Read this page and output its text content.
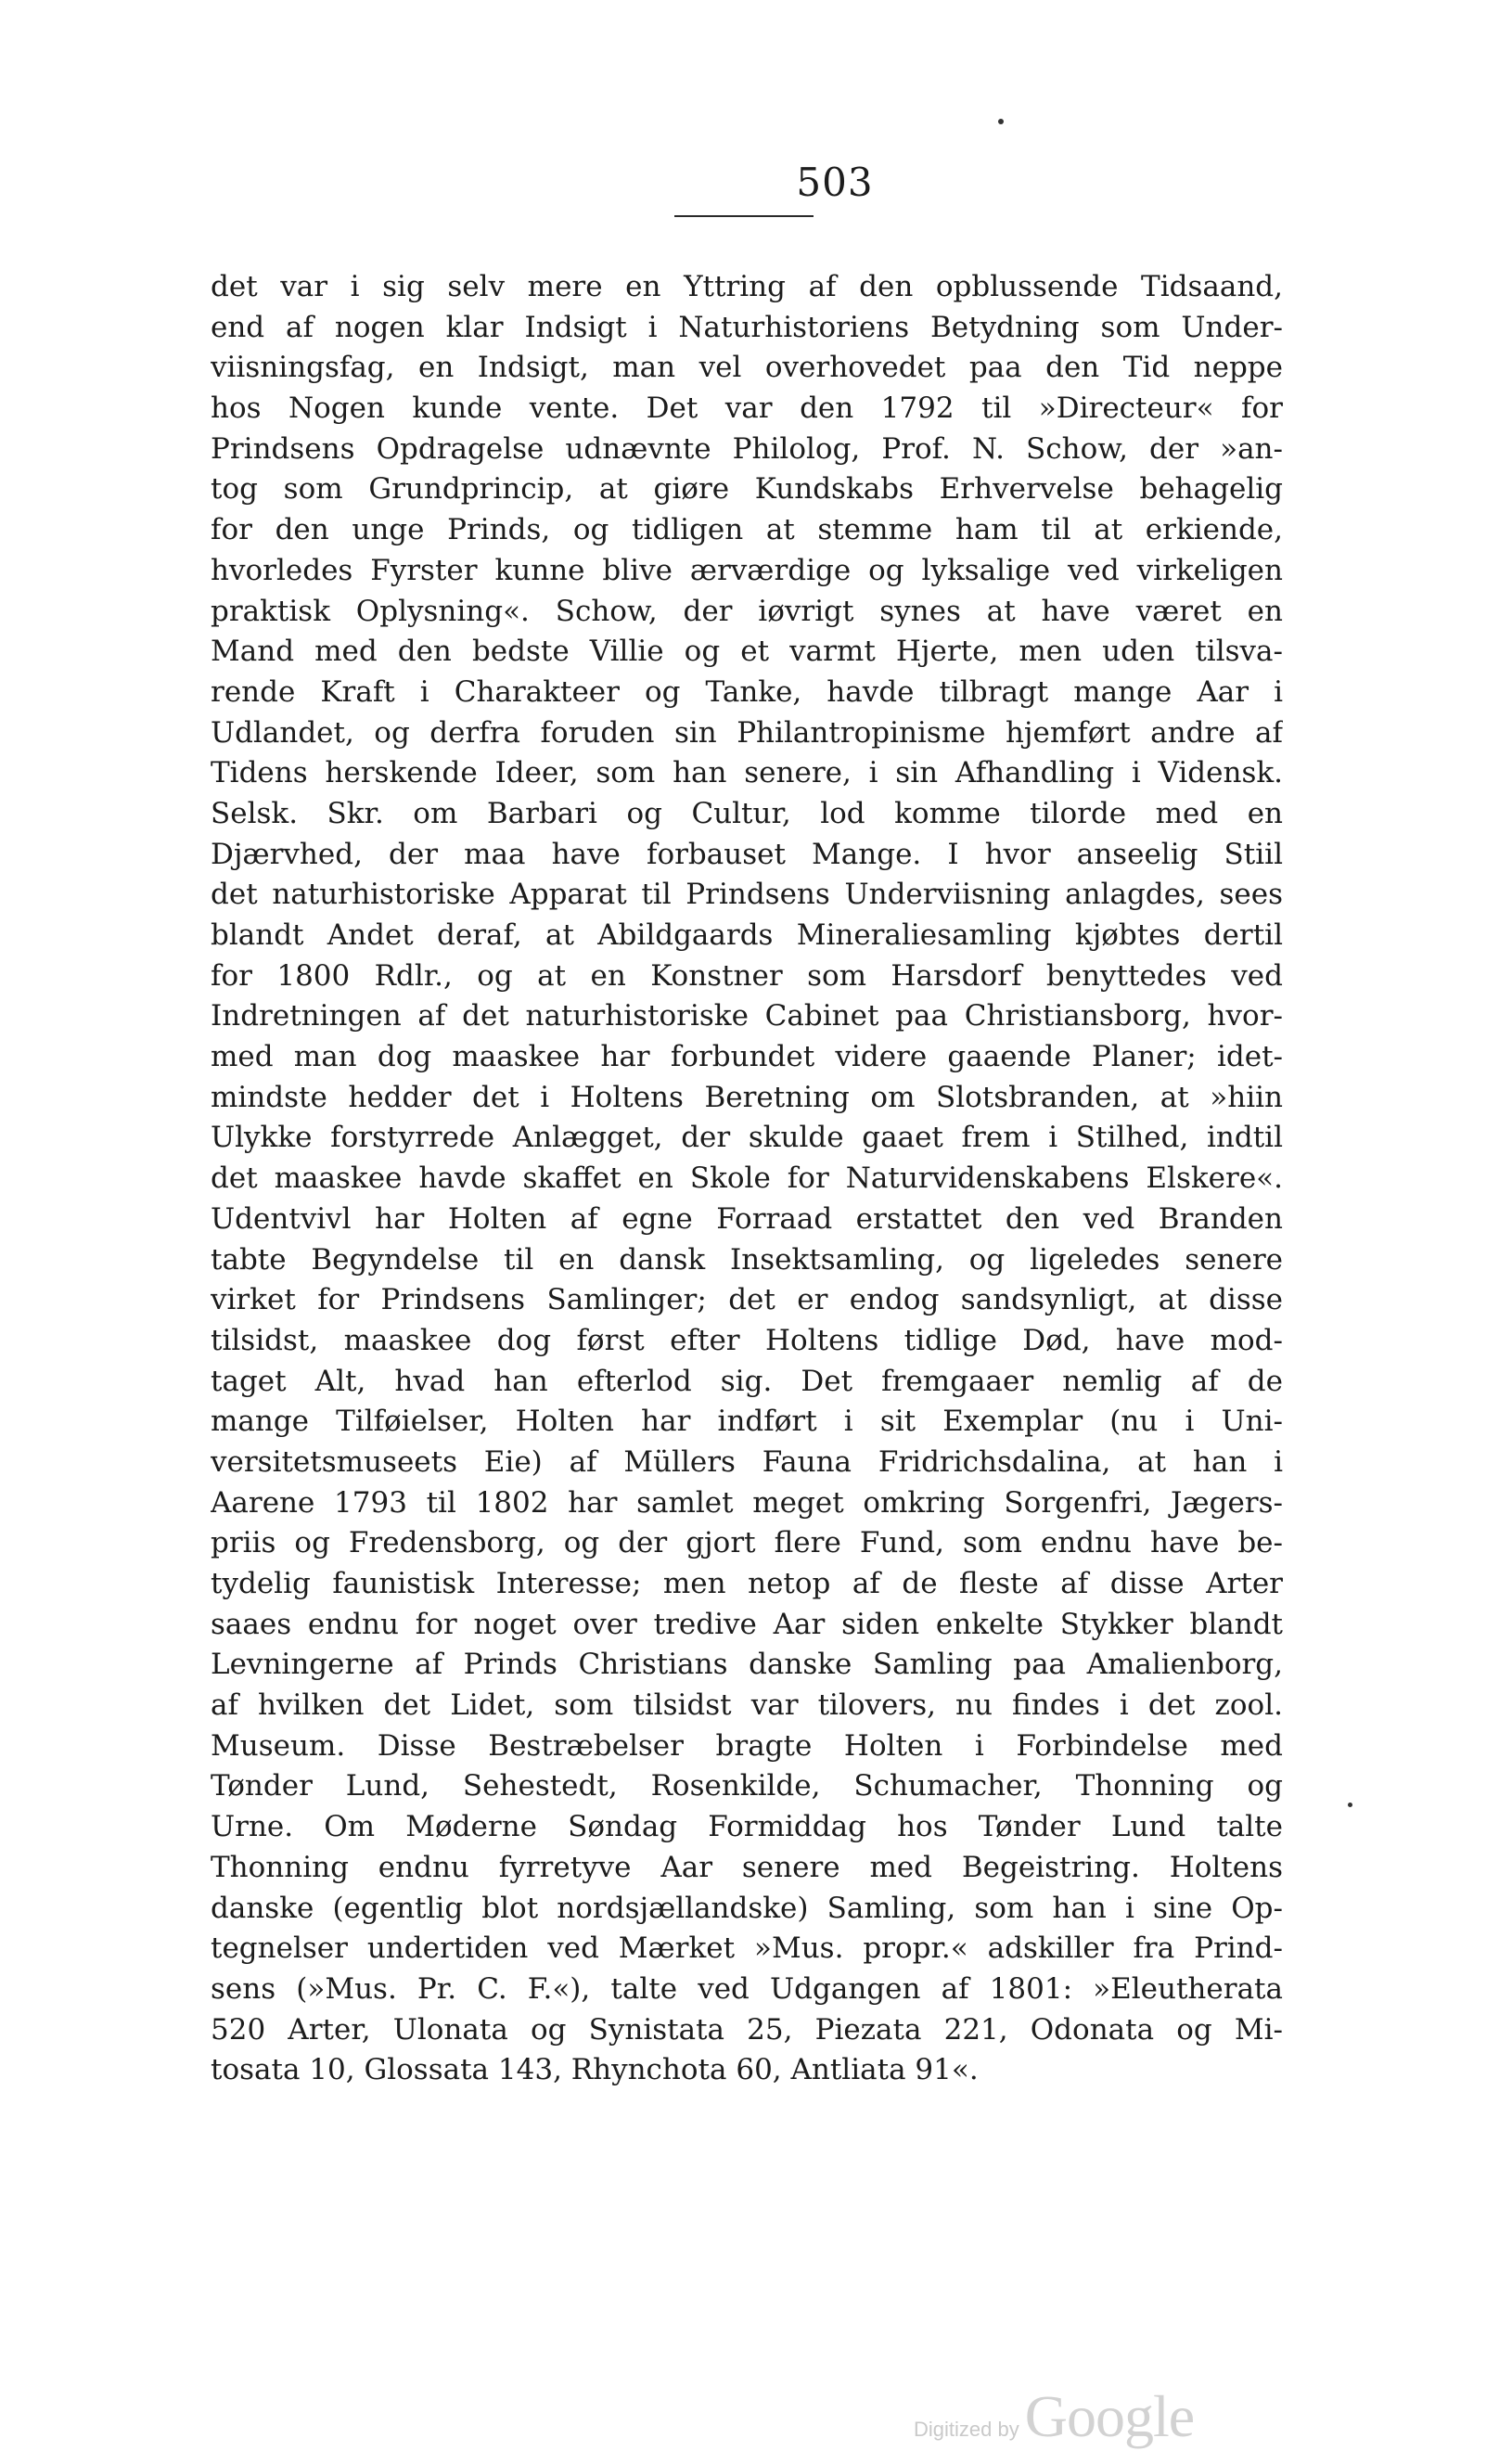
503
det var i sig selv mere en Yttring af den opblussende Tidsaand,
end af nogen klar Indsigt i Naturhistoriens Betydning som Under-
viisningsfag, en Indsigt, man vel overhovedet paa den Tid neppe
hos Nogen kunde vente. Det var den 1792 til »Directeur« for
Prindsens Opdragelse udnævnte Philolog, Prof. N. Schow, der »an-
tog som Grundprincip, at giøre Kundskabs Erhvervelse behagelig
for den unge Prinds, og tidligen at stemme ham til at erkiende,
hvorledes Fyrster kunne blive ærværdige og lyksalige ved virkeligen
praktisk Oplysning«. Schow, der iøvrigt synes at have været en
Mand med den bedste Villie og et varmt Hjerte, men uden tilsva-
rende Kraft i Charakteer og Tanke, havde tilbragt mange Aar i
Udlandet, og derfra foruden sin Philantropinisme hjemført andre af
Tidens herskende Ideer, som han senere, i sin Afhandling i Vidensk.
Selsk. Skr. om Barbari og Cultur, lod komme tilorde med en
Djærvhed, der maa have forbauset Mange. I hvor anseelig Stiil
det naturhistoriske Apparat til Prindsens Underviisning anlagdes, sees
blandt Andet deraf, at Abildgaards Mineraliesamling kjøbtes dertil
for 1800 Rdlr., og at en Konstner som Harsdorf benyttedes ved
Indretningen af det naturhistoriske Cabinet paa Christiansborg, hvor-
med man dog maaskee har forbundet videre gaaende Planer; idet-
mindste hedder det i Holtens Beretning om Slotsbranden, at »hiin
Ulykke forstyrrede Anlægget, der skulde gaaet frem i Stilhed, indtil
det maaskee havde skaffet en Skole for Naturvidenskabens Elskere«.
Udentvivl har Holten af egne Forraad erstattet den ved Branden
tabte Begyndelse til en dansk Insektsamling, og ligeledes senere
virket for Prindsens Samlinger; det er endog sandsynligt, at disse
tilsidst, maaskee dog først efter Holtens tidlige Død, have mod-
taget Alt, hvad han efterlod sig. Det fremgaaer nemlig af de
mange Tilføielser, Holten har indført i sit Exemplar (nu i Uni-
versitetsmuseets Eie) af Müllers Fauna Fridrichsdalina, at han i
Aarene 1793 til 1802 har samlet meget omkring Sorgenfri, Jægers-
priis og Fredensborg, og der gjort flere Fund, som endnu have be-
tydelig faunistisk Interesse; men netop af de fleste af disse Arter
saaes endnu for noget over tredive Aar siden enkelte Stykker blandt
Levningerne af Prinds Christians danske Samling paa Amalienborg,
af hvilken det Lidet, som tilsidst var tilovers, nu findes i det zool.
Museum. Disse Bestræbelser bragte Holten i Forbindelse med
Tønder Lund, Sehestedt, Rosenkilde, Schumacher, Thonning og
Urne. Om Møderne Søndag Formiddag hos Tønder Lund talte
Thonning endnu fyrretyve Aar senere med Begeistring. Holtens
danske (egentlig blot nordsjællandske) Samling, som han i sine Op-
tegnelser undertiden ved Mærket »Mus. propr.« adskiller fra Prind-
sens (»Mus. Pr. C. F.«), talte ved Udgangen af 1801: »Eleutherata
520 Arter, Ulonata og Synistata 25, Piezata 221, Odonata og Mi-
tosata 10, Glossata 143, Rhynchota 60, Antliata 91«.
Digitized by Google
